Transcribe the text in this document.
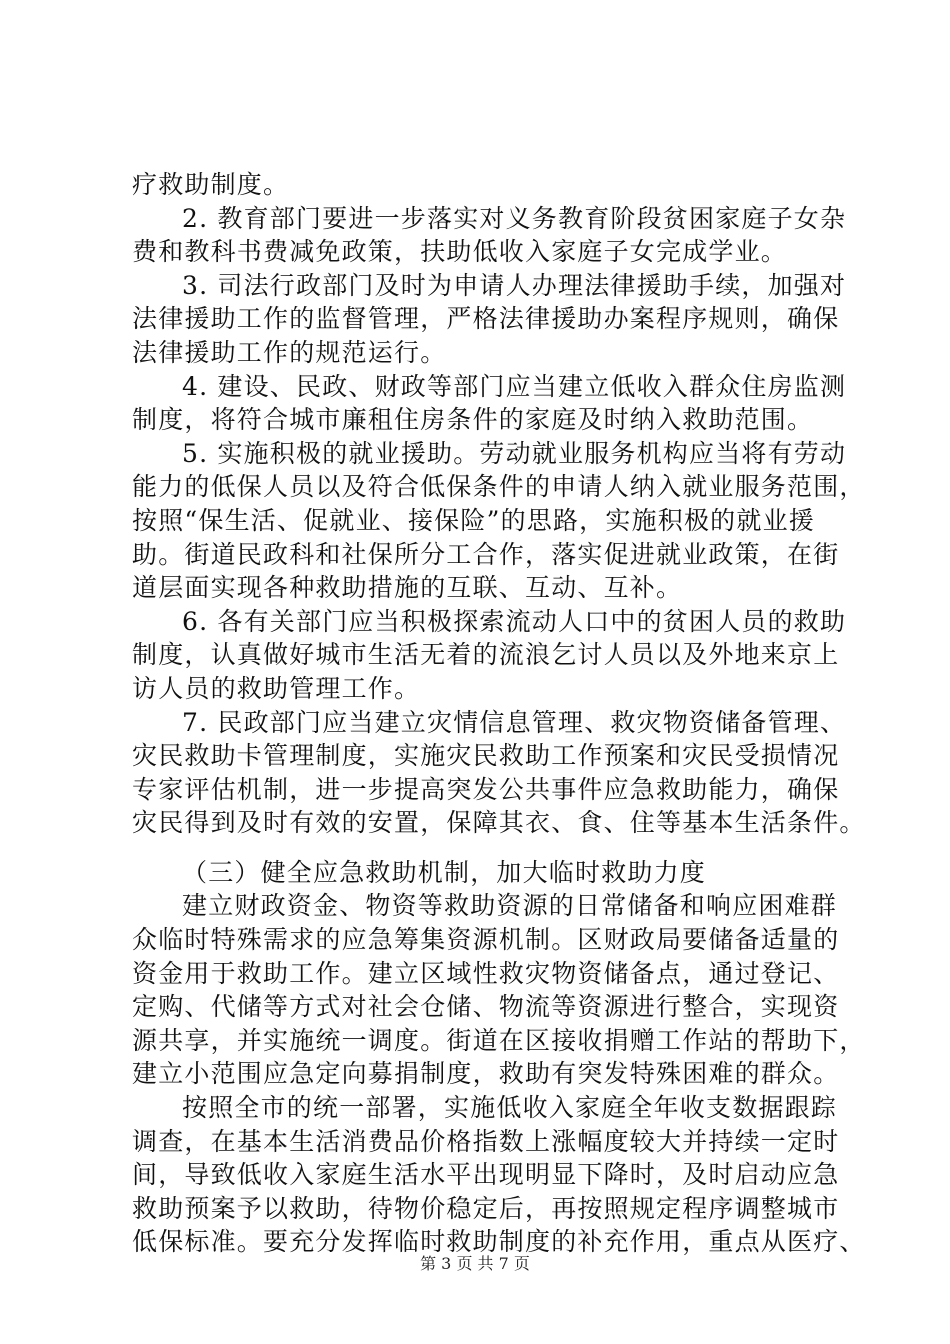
疗救助制度。
2. 教育部门要进一步落实对义务教育阶段贫困家庭子女杂
费和教科书费减免政策，扶助低收入家庭子女完成学业。
3. 司法行政部门及时为申请人办理法律援助手续，加强对
法律援助工作的监督管理，严格法律援助办案程序规则，确保
法律援助工作的规范运行。
4. 建设、民政、财政等部门应当建立低收入群众住房监测
制度，将符合城市廉租住房条件的家庭及时纳入救助范围。
5. 实施积极的就业援助。劳动就业服务机构应当将有劳动
能力的低保人员以及符合低保条件的申请人纳入就业服务范围，
按照“保生活、促就业、接保险”的思路，实施积极的就业援
助。街道民政科和社保所分工合作，落实促进就业政策，在街
道层面实现各种救助措施的互联、互动、互补。
6. 各有关部门应当积极探索流动人口中的贫困人员的救助
制度，认真做好城市生活无着的流浪乞讨人员以及外地来京上
访人员的救助管理工作。
7. 民政部门应当建立灾情信息管理、救灾物资储备管理、
灾民救助卡管理制度，实施灾民救助工作预案和灾民受损情况
专家评估机制，进一步提高突发公共事件应急救助能力，确保
灾民得到及时有效的安置，保障其衣、食、住等基本生活条件。
（三）健全应急救助机制，加大临时救助力度
建立财政资金、物资等救助资源的日常储备和响应困难群
众临时特殊需求的应急筹集资源机制。区财政局要储备适量的
资金用于救助工作。建立区域性救灾物资储备点，通过登记、
定购、代储等方式对社会仓储、物流等资源进行整合，实现资
源共享，并实施统一调度。街道在区接收捐赠工作站的帮助下，
建立小范围应急定向募捐制度，救助有突发特殊困难的群众。
按照全市的统一部署，实施低收入家庭全年收支数据跟踪
调查，在基本生活消费品价格指数上涨幅度较大并持续一定时
间，导致低收入家庭生活水平出现明显下降时，及时启动应急
救助预案予以救助，待物价稳定后，再按照规定程序调整城市
低保标准。要充分发挥临时救助制度的补充作用，重点从医疗、
第 3 页 共 7 页
